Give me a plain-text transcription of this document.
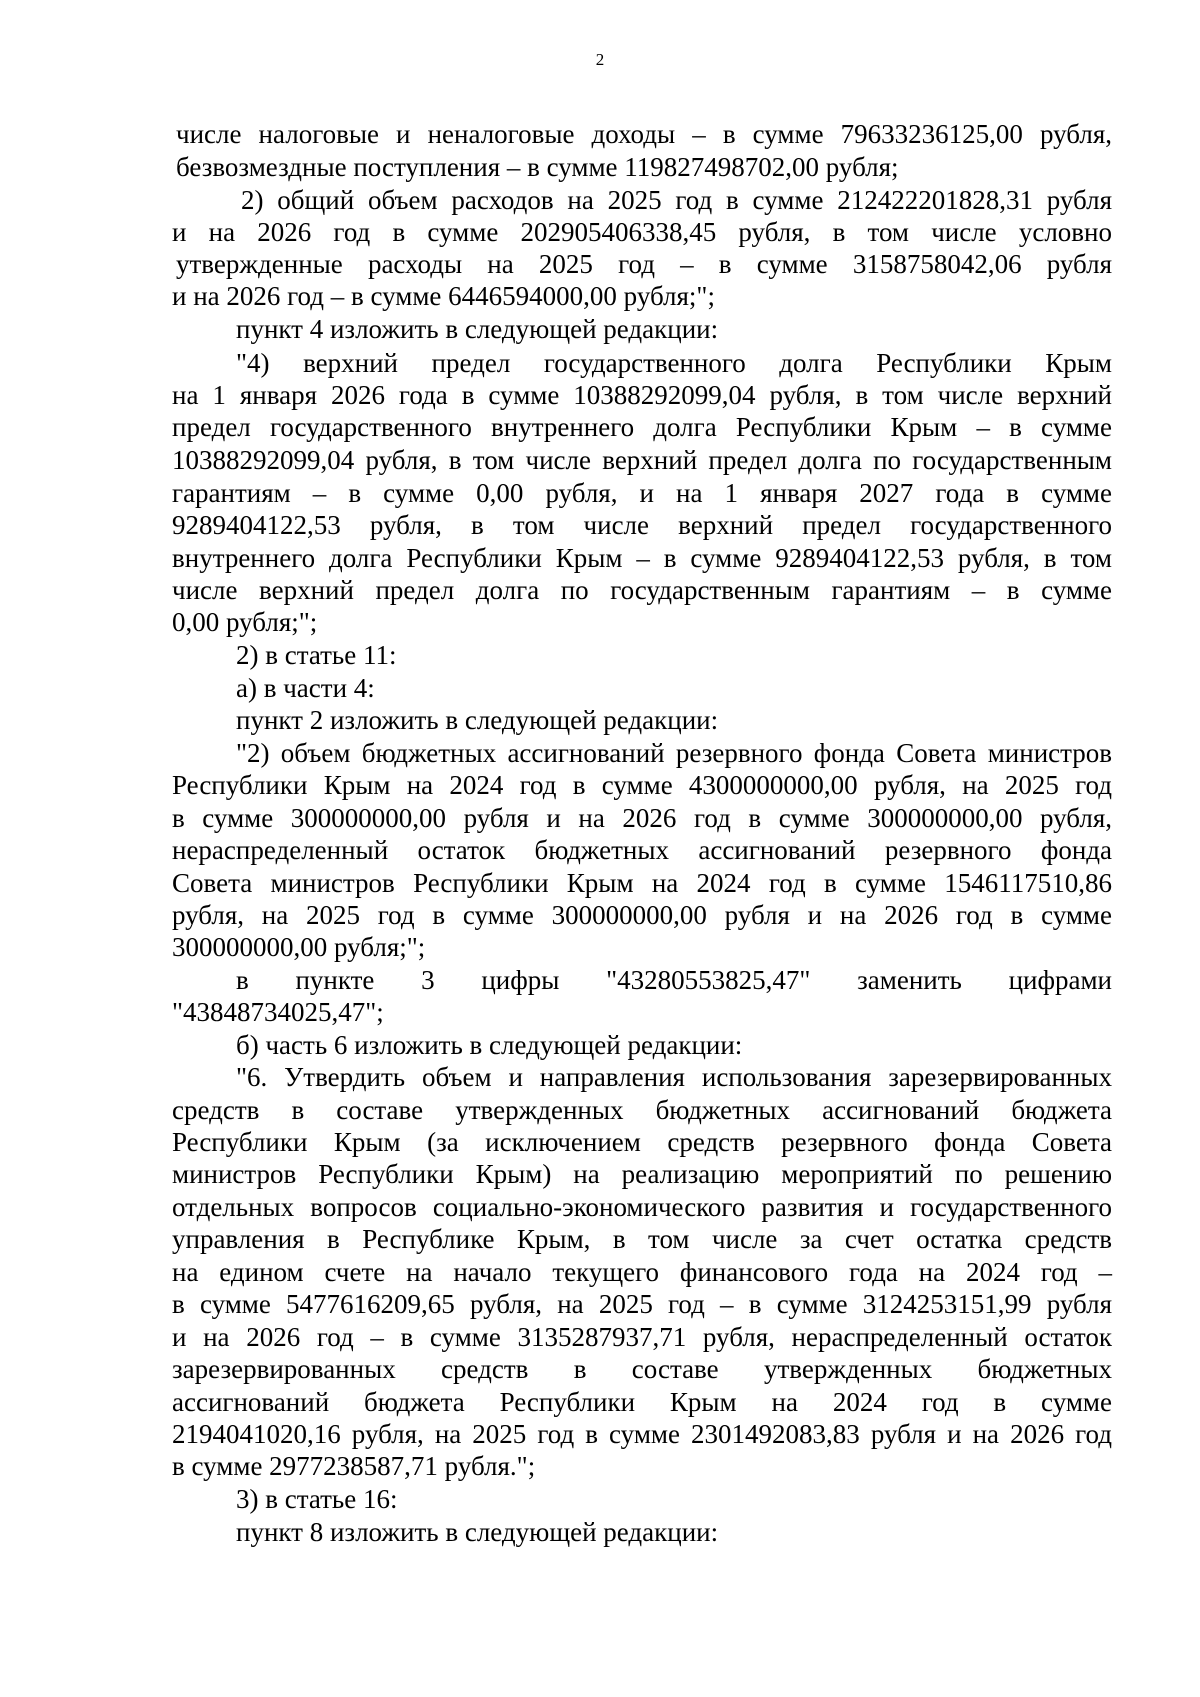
2
числе налоговые и неналоговые доходы – в сумме 79633236125,00 рубля,
безвозмездные поступления – в сумме 119827498702,00 рубля;
2) общий объем расходов на 2025 год в сумме 212422201828,31 рубля
и на 2026 год в сумме 202905406338,45 рубля, в том числе условно
утвержденные расходы на 2025 год – в сумме 3158758042,06 рубля
и на 2026 год – в сумме 6446594000,00 рубля;";
пункт 4 изложить в следующей редакции:
"4) верхний предел государственного долга Республики Крым
на 1 января 2026 года в сумме 10388292099,04 рубля, в том числе верхний
предел государственного внутреннего долга Республики Крым – в сумме
10388292099,04 рубля, в том числе верхний предел долга по государственным
гарантиям – в сумме 0,00 рубля, и на 1 января 2027 года в сумме
9289404122,53 рубля, в том числе верхний предел государственного
внутреннего долга Республики Крым – в сумме 9289404122,53 рубля, в том
числе верхний предел долга по государственным гарантиям – в сумме
0,00 рубля;";
2) в статье 11:
а) в части 4:
пункт 2 изложить в следующей редакции:
"2) объем бюджетных ассигнований резервного фонда Совета министров
Республики Крым на 2024 год в сумме 4300000000,00 рубля, на 2025 год
в сумме 300000000,00 рубля и на 2026 год в сумме 300000000,00 рубля,
нераспределенный остаток бюджетных ассигнований резервного фонда
Совета министров Республики Крым на 2024 год в сумме 1546117510,86
рубля, на 2025 год в сумме 300000000,00 рубля и на 2026 год в сумме
300000000,00 рубля;";
в пункте 3 цифры "43280553825,47" заменить цифрами
"43848734025,47";
б) часть 6 изложить в следующей редакции:
"6. Утвердить объем и направления использования зарезервированных
средств в составе утвержденных бюджетных ассигнований бюджета
Республики Крым (за исключением средств резервного фонда Совета
министров Республики Крым) на реализацию мероприятий по решению
отдельных вопросов социально-экономического развития и государственного
управления в Республике Крым, в том числе за счет остатка средств
на едином счете на начало текущего финансового года на 2024 год –
в сумме 5477616209,65 рубля, на 2025 год – в сумме 3124253151,99 рубля
и на 2026 год – в сумме 3135287937,71 рубля, нераспределенный остаток
зарезервированных средств в составе утвержденных бюджетных
ассигнований бюджета Республики Крым на 2024 год в сумме
2194041020,16 рубля, на 2025 год в сумме 2301492083,83 рубля и на 2026 год
в сумме 2977238587,71 рубля.";
3) в статье 16:
пункт 8 изложить в следующей редакции:
